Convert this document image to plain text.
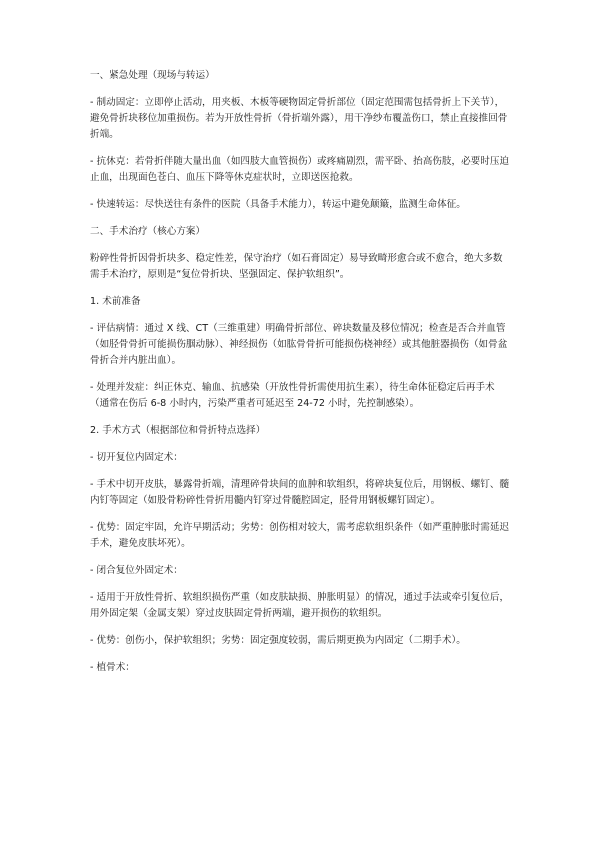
一、紧急处理（现场与转运）

- 制动固定：立即停止活动，用夹板、木板等硬物固定骨折部位（固定范围需包括骨折上下关节），避免骨折块移位加重损伤。若为开放性骨折（骨折端外露），用干净纱布覆盖伤口，禁止直接推回骨折端。

- 抗休克：若骨折伴随大量出血（如四肢大血管损伤）或疼痛剧烈，需平卧、抬高伤肢，必要时压迫止血，出现面色苍白、血压下降等休克症状时，立即送医抢救。

- 快速转运：尽快送往有条件的医院（具备手术能力），转运中避免颠簸，监测生命体征。

二、手术治疗（核心方案）

粉碎性骨折因骨折块多、稳定性差，保守治疗（如石膏固定）易导致畸形愈合或不愈合，绝大多数需手术治疗，原则是“复位骨折块、坚强固定、保护软组织”。

1. 术前准备

- 评估病情：通过 X 线、CT（三维重建）明确骨折部位、碎块数量及移位情况；检查是否合并血管（如胫骨骨折可能损伤腘动脉）、神经损伤（如肱骨骨折可能损伤桡神经）或其他脏器损伤（如骨盆骨折合并内脏出血）。

- 处理并发症：纠正休克、输血、抗感染（开放性骨折需使用抗生素），待生命体征稳定后再手术（通常在伤后 6-8 小时内，污染严重者可延迟至 24-72 小时，先控制感染）。

2. 手术方式（根据部位和骨折特点选择）

- 切开复位内固定术：

- 手术中切开皮肤，暴露骨折端，清理碎骨块间的血肿和软组织，将碎块复位后，用钢板、螺钉、髓内钉等固定（如股骨粉碎性骨折用髓内钉穿过骨髓腔固定，胫骨用钢板螺钉固定）。

- 优势：固定牢固，允许早期活动；劣势：创伤相对较大，需考虑软组织条件（如严重肿胀时需延迟手术，避免皮肤坏死）。

- 闭合复位外固定术：

- 适用于开放性骨折、软组织损伤严重（如皮肤缺损、肿胀明显）的情况，通过手法或牵引复位后，用外固定架（金属支架）穿过皮肤固定骨折两端，避开损伤的软组织。

- 优势：创伤小，保护软组织；劣势：固定强度较弱，需后期更换为内固定（二期手术）。

- 植骨术：
